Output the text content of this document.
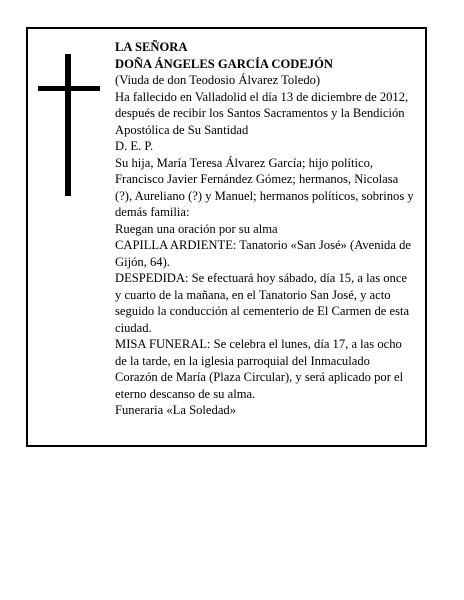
LA SEÑORA

DOÑA ÁNGELES GARCÍA CODEJÓN

(Viuda de don Teodosio Álvarez Toledo)

Ha fallecido en Valladolid el día 13 de diciembre de 2012, después de recibir los Santos Sacramentos y la Bendición Apostólica de Su Santidad

D. E. P.

Su hija, María Teresa Álvarez García; hijo político, Francisco Javier Fernández Gómez; hermanos, Nicolasa (?), Aureliano (?) y Manuel; hermanos políticos, sobrinos y demás familia:

Ruegan una oración por su alma

CAPILLA ARDIENTE: Tanatorio «San José» (Avenida de Gijón, 64).

DESPEDIDA: Se efectuará hoy sábado, día 15, a las once y cuarto de la mañana, en el Tanatorio San José, y acto seguido la conducción al cementerio de El Carmen de esta ciudad.

MISA FUNERAL: Se celebra el lunes, día 17, a las ocho de la tarde, en la iglesia parroquial del Inmaculado Corazón de María (Plaza Circular), y será aplicado por el eterno descanso de su alma.

Funeraria «La Soledad»
